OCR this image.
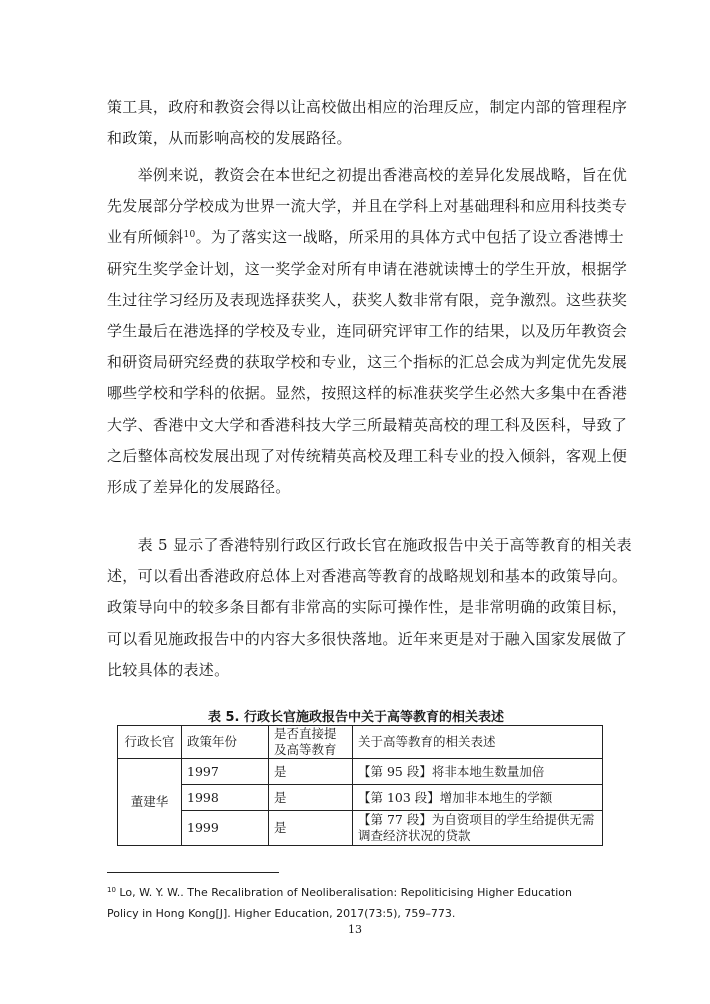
策工具，政府和教资会得以让高校做出相应的治理反应，制定内部的管理程序
和政策，从而影响高校的发展路径。
　　举例来说，教资会在本世纪之初提出香港高校的差异化发展战略，旨在优
先发展部分学校成为世界一流大学，并且在学科上对基础理科和应用科技类专
业有所倾斜$^{10}$。为了落实这一战略，所采用的具体方式中包括了设立香港博士
研究生奖学金计划，这一奖学金对所有申请在港就读博士的学生开放，根据学
生过往学习经历及表现选择获奖人，获奖人数非常有限，竞争激烈。这些获奖
学生最后在港选择的学校及专业，连同研究评审工作的结果，以及历年教资会
和研资局研究经费的获取学校和专业，这三个指标的汇总会成为判定优先发展
哪些学校和学科的依据。显然，按照这样的标准获奖学生必然大多集中在香港
大学、香港中文大学和香港科技大学三所最精英高校的理工科及医科，导致了
之后整体高校发展出现了对传统精英高校及理工科专业的投入倾斜，客观上便
形成了差异化的发展路径。
　　表 5 显示了香港特别行政区行政长官在施政报告中关于高等教育的相关表
述，可以看出香港政府总体上对香港高等教育的战略规划和基本的政策导向。
政策导向中的较多条目都有非常高的实际可操作性，是非常明确的政策目标，
可以看见施政报告中的内容大多很快落地。近年来更是对于融入国家发展做了
比较具体的表述。
表 5. 行政长官施政报告中关于高等教育的相关表述
行政长官	政策年份	是否直接提及高等教育	关于高等教育的相关表述
董建华	1997	是	【第 95 段】将非本地生数量加倍
	1998	是	【第 103 段】增加非本地生的学额
	1999	是	【第 77 段】为自资项目的学生给提供无需调查经济状况的贷款
$^{10}$ Lo, W. Y. W.. The Recalibration of Neoliberalisation: Repoliticising Higher Education Policy in Hong Kong[J]. Higher Education, 2017(73:5), 759–773.
13
